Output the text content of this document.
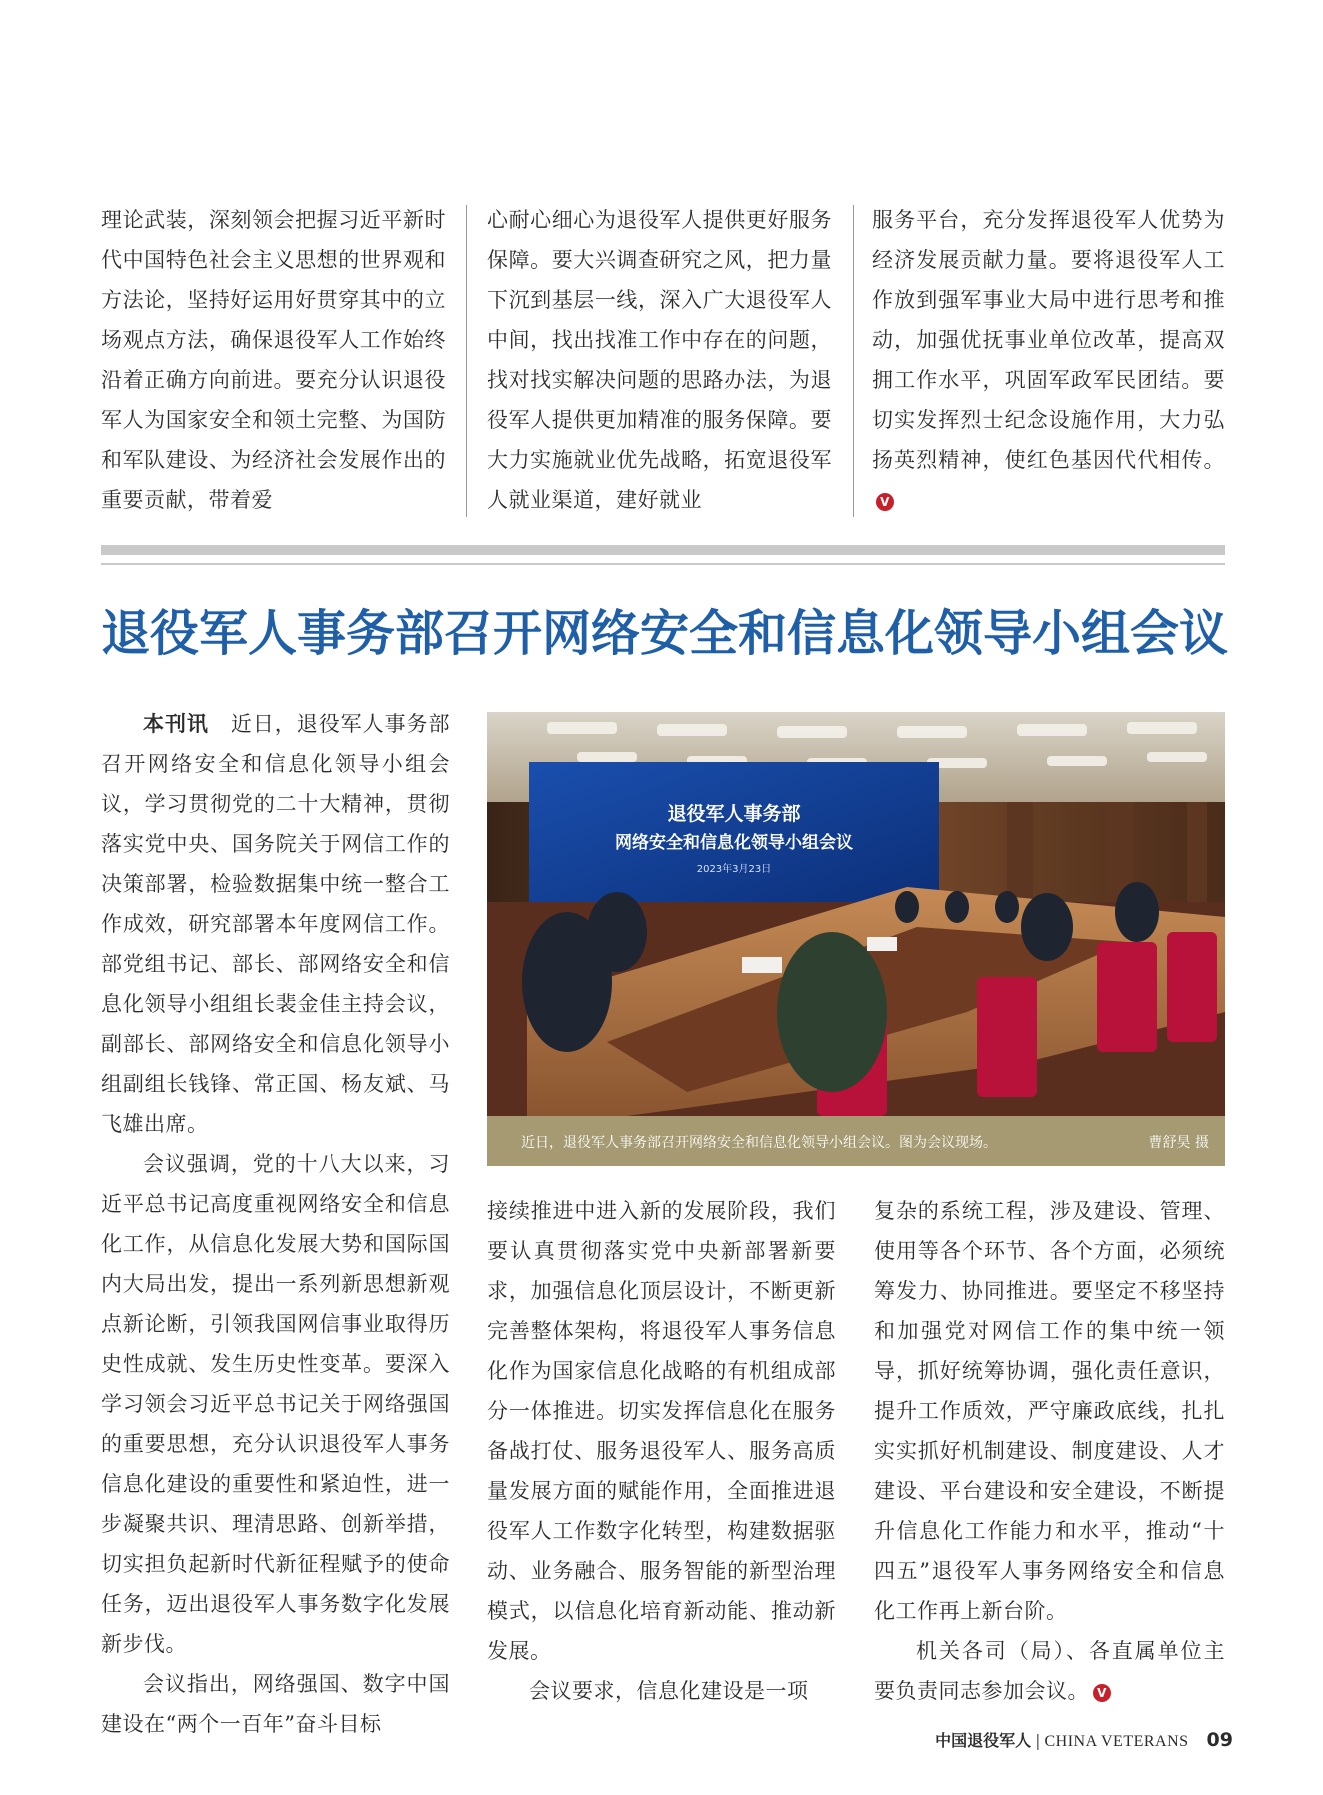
理论武装，深刻领会把握习近平新时代中国特色社会主义思想的世界观和方法论，坚持好运用好贯穿其中的立场观点方法，确保退役军人工作始终沿着正确方向前进。要充分认识退役军人为国家安全和领土完整、为国防和军队建设、为经济社会发展作出的重要贡献，带着爱

心耐心细心为退役军人提供更好服务保障。要大兴调查研究之风，把力量下沉到基层一线，深入广大退役军人中间，找出找准工作中存在的问题，找对找实解决问题的思路办法，为退役军人提供更加精准的服务保障。要大力实施就业优先战略，拓宽退役军人就业渠道，建好就业

服务平台，充分发挥退役军人优势为经济发展贡献力量。要将退役军人工作放到强军事业大局中进行思考和推动，加强优抚事业单位改革，提高双拥工作水平，巩固军政军民团结。要切实发挥烈士纪念设施作用，大力弘扬英烈精神，使红色基因代代相传。V

退役军人事务部召开网络安全和信息化领导小组会议

本刊讯　 近日，退役军人事务部召开网络安全和信息化领导小组会议，学习贯彻党的二十大精神，贯彻落实党中央、国务院关于网信工作的决策部署，检验数据集中统一整合工作成效，研究部署本年度网信工作。部党组书记、部长、部网络安全和信息化领导小组组长裴金佳主持会议，副部长、部网络安全和信息化领导小组副组长钱锋、常正国、杨友斌、马飞雄出席。

会议强调，党的十八大以来，习近平总书记高度重视网络安全和信息化工作，从信息化发展大势和国际国内大局出发，提出一系列新思想新观点新论断，引领我国网信事业取得历史性成就、发生历史性变革。要深入学习领会习近平总书记关于网络强国的重要思想，充分认识退役军人事务信息化建设的重要性和紧迫性，进一步凝聚共识、理清思路、创新举措，切实担负起新时代新征程赋予的使命任务，迈出退役军人事务数字化发展新步伐。

会议指出，网络强国、数字中国建设在“两个一百年”奋斗目标

退役军人事务部
网络安全和信息化领导小组会议
2023年3月23日
近日，退役军人事务部召开网络安全和信息化领导小组会议。图为会议现场。	曹舒昊 摄

接续推进中进入新的发展阶段，我们要认真贯彻落实党中央新部署新要求，加强信息化顶层设计，不断更新完善整体架构，将退役军人事务信息化作为国家信息化战略的有机组成部分一体推进。切实发挥信息化在服务备战打仗、服务退役军人、服务高质量发展方面的赋能作用，全面推进退役军人工作数字化转型，构建数据驱动、业务融合、服务智能的新型治理模式，以信息化培育新动能、推动新发展。

会议要求，信息化建设是一项

复杂的系统工程，涉及建设、管理、使用等各个环节、各个方面，必须统筹发力、协同推进。要坚定不移坚持和加强党对网信工作的集中统一领导，抓好统筹协调，强化责任意识，提升工作质效，严守廉政底线，扎扎实实抓好机制建设、制度建设、人才建设、平台建设和安全建设，不断提升信息化工作能力和水平，推动“十四五”退役军人事务网络安全和信息化工作再上新台阶。

机关各司（局）、各直属单位主要负责同志参加会议。 V

中国退役军人 | CHINA VETERANS 09
